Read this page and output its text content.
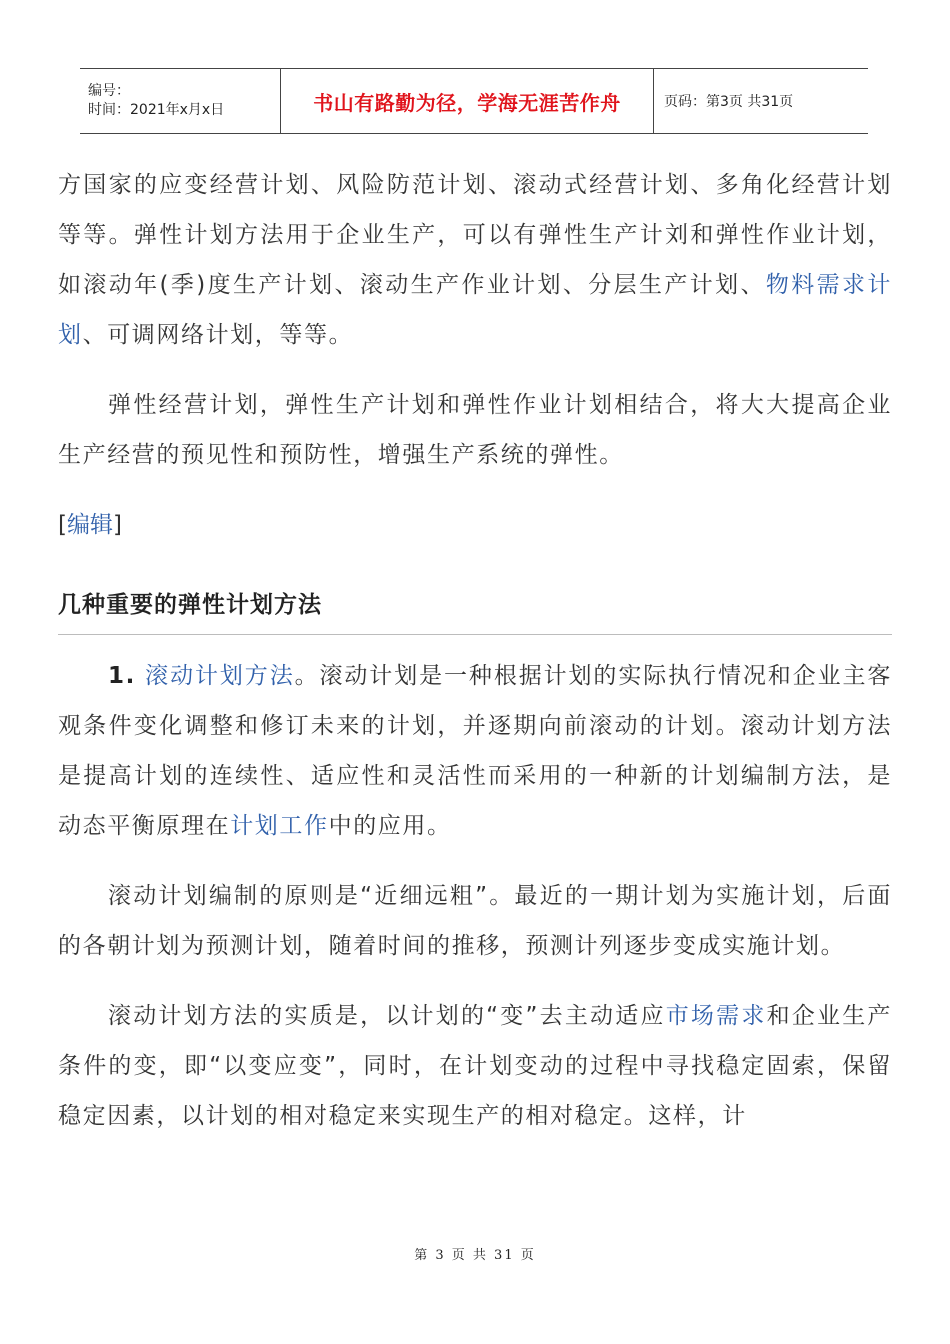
编号：
时间：2021年x月x日	书山有路勤为径，学海无涯苦作舟	页码：第3页 共31页

方国家的应变经营计划、风险防范计划、滚动式经营计划、多角化经营计划等等。弹性计划方法用于企业生产，可以有弹性生产计刘和弹性作业计划，如滚动年(季)度生产计划、滚动生产作业计划、分层生产计划、物料需求计划、可调网络计划，等等。

弹性经营计划，弹性生产计划和弹性作业计划相结合，将大大提高企业生产经营的预见性和预防性，增强生产系统的弹性。

[编辑]

几种重要的弹性计划方法

1. 滚动计划方法。滚动计划是一种根据计划的实际执行情况和企业主客观条件变化调整和修订未来的计划，并逐期向前滚动的计划。滚动计划方法是提高计划的连续性、适应性和灵活性而采用的一种新的计划编制方法，是动态平衡原理在计划工作中的应用。

滚动计划编制的原则是“近细远粗”。最近的一期计划为实施计划，后面的各朝计划为预测计划，随着时间的推移，预测计列逐步变成实施计划。

滚动计划方法的实质是，以计划的“变”去主动适应市场需求和企业生产条件的变，即“以变应变”，同时，在计划变动的过程中寻找稳定固索，保留稳定因素，以计划的相对稳定来实现生产的相对稳定。这样，计

第 3 页 共 31 页
